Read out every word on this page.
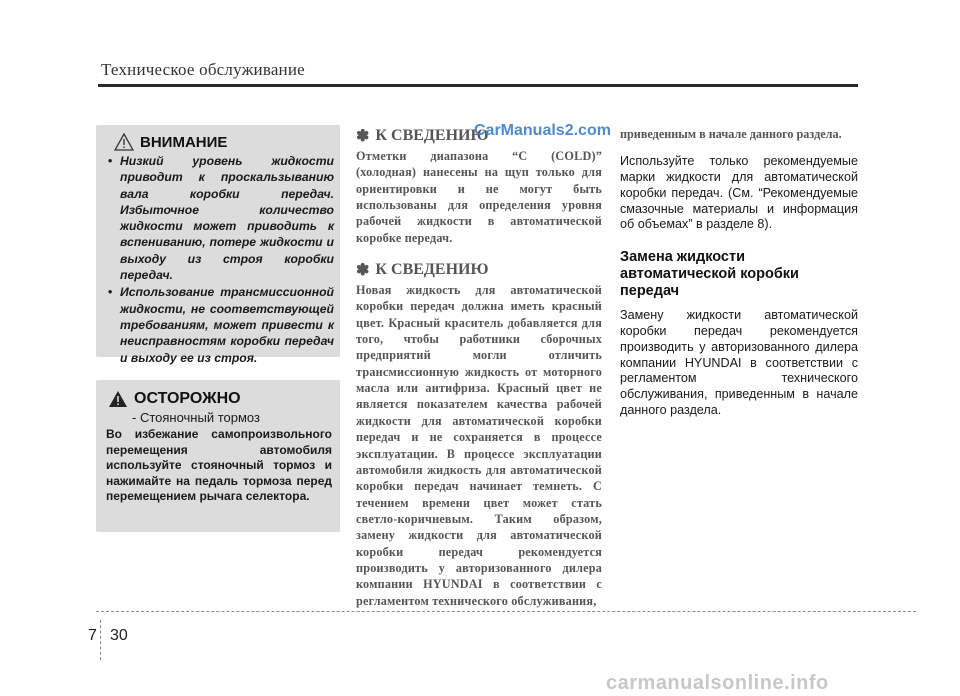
Техническое обслуживание
ВНИМАНИЕ
• Низкий уровень жидкости приводит к проскальзыванию вала коробки передач. Избыточное количество жидкости может приводить к вспениванию, потере жидкости и выходу из строя коробки передач.
• Использование трансмиссионной жидкости, не соответствующей требованиям, может привести к неисправностям коробки передач и выходу ее из строя.
ОСТОРОЖНО
- Стояночный тормоз
Во избежание самопроизвольного перемещения автомобиля используйте стояночный тормоз и нажимайте на педаль тормоза перед перемещением рычага селектора.
✽ К СВЕДЕНИЮ
CarManuals2.com

Отметки диапазона “C (COLD)” (холодная) нанесены на щуп только для ориентировки и не могут быть использованы для определения уровня рабочей жидкости в автоматической коробке передач.

✽ К СВЕДЕНИЮ

Новая жидкость для автоматической коробки передач должна иметь красный цвет. Красный краситель добавляется для того, чтобы работники сборочных предприятий могли отличить трансмиссионную жидкость от моторного масла или антифриза. Красный цвет не является показателем качества рабочей жидкости для автоматической коробки передач и не сохраняется в процессе эксплуатации. В процессе эксплуатации автомобиля жидкость для автоматической коробки передач начинает темнеть. С течением времени цвет может стать светло-коричневым. Таким образом, замену жидкости для автоматической коробки передач рекомендуется производить у авторизованного дилера компании HYUNDAI в соответствии с регламентом технического обслуживания,

приведенным в начале данного раздела.

Используйте только рекомендуемые марки жидкости для автоматической коробки передач. (См. “Рекомендуемые смазочные материалы и информация об объемах” в разделе 8).

Замена жидкости автоматической коробки передач

Замену жидкости автоматической коробки передач рекомендуется производить у авторизованного дилера компании HYUNDAI в соответствии с регламентом технического обслуживания, приведенным в начале данного раздела.

7 30
carmanualsonline.info
